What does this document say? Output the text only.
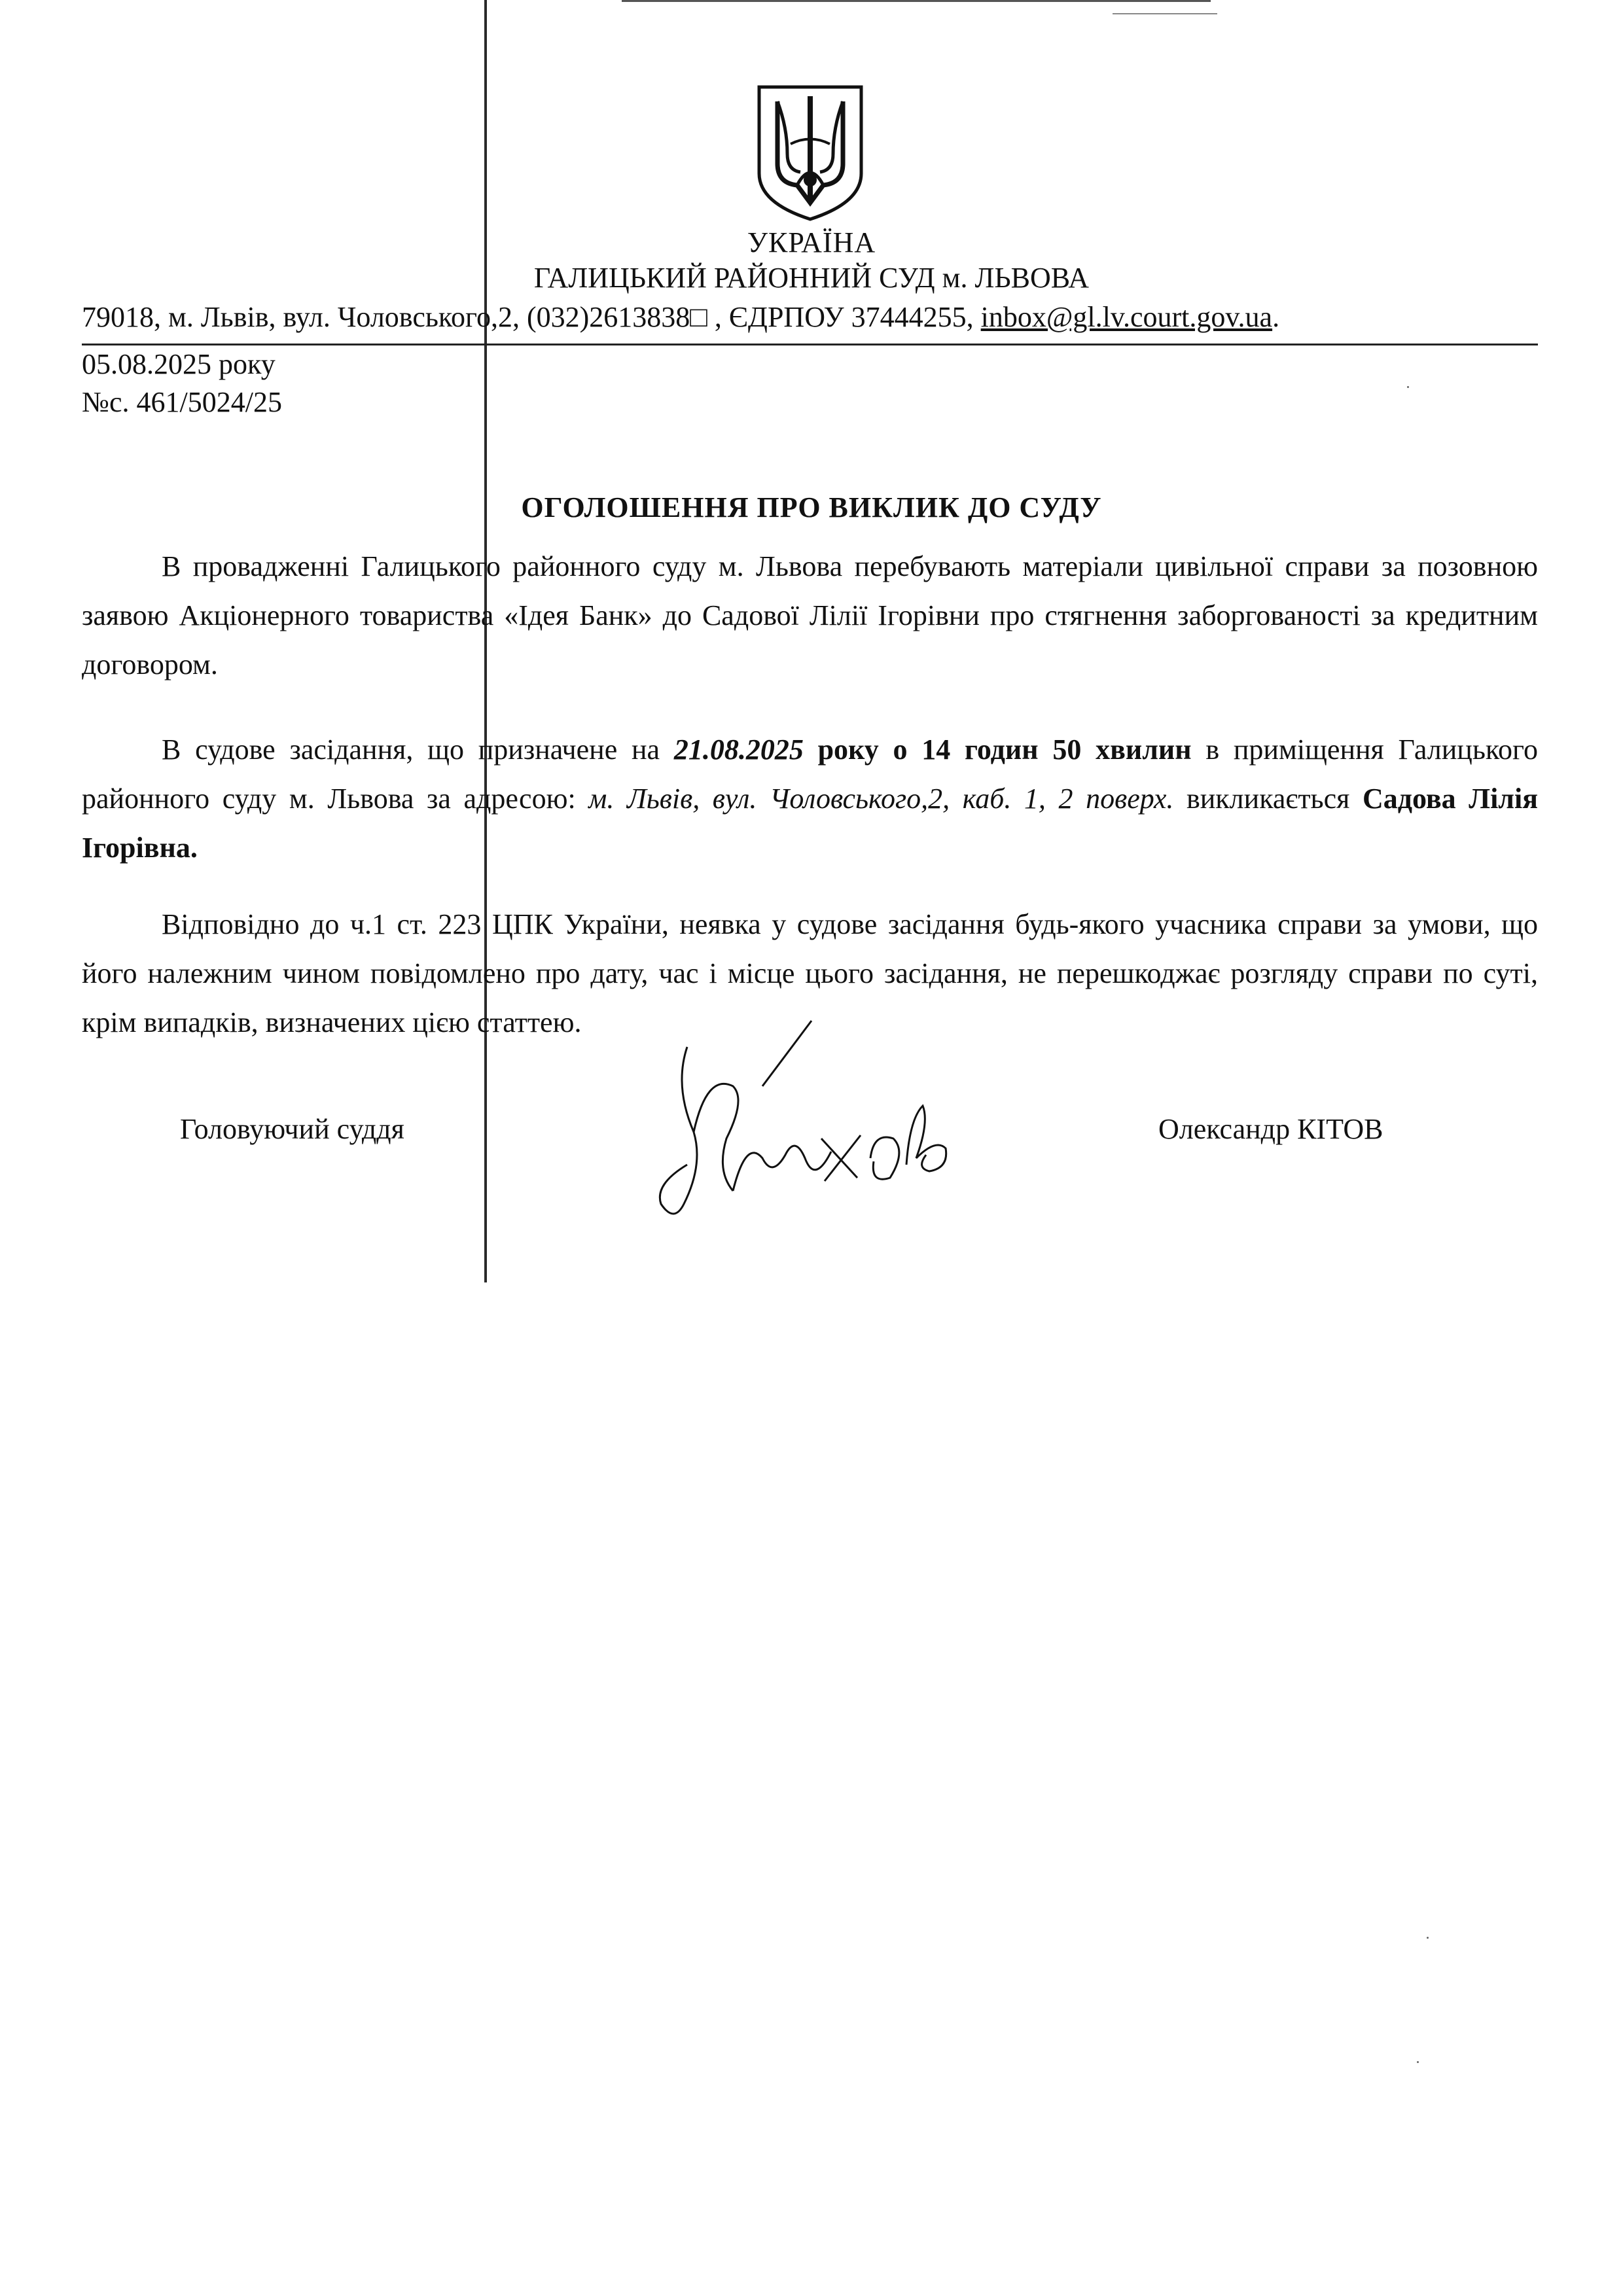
УКРАЇНА
ГАЛИЦЬКИЙ РАЙОННИЙ СУД м. ЛЬВОВА
79018, м. Львів, вул. Чоловського,2, (032)2613838□ , ЄДРПОУ 37444255, inbox@gl.lv.court.gov.ua.
05.08.2025 року
№с. 461/5024/25
ОГОЛОШЕННЯ ПРО ВИКЛИК ДО СУДУ

В провадженні Галицького районного суду м. Львова перебувають матеріали цивільної справи за позовною заявою Акціонерного товариства «Ідея Банк» до Садової Лілії Ігорівни про стягнення заборгованості за кредитним договором.

В судове засідання, що призначене на 21.08.2025 року о 14 годин 50 хвилин в приміщення Галицького районного суду м. Львова за адресою: м. Львів, вул. Чоловського,2, каб. 1, 2 поверх. викликається Садова Лілія Ігорівна.

Відповідно до ч.1 ст. 223 ЦПК України, неявка у судове засідання будь-якого учасника справи за умови, що його належним чином повідомлено про дату, час і місце цього засідання, не перешкоджає розгляду справи по суті, крім випадків, визначених цією статтею.

Головуючий суддя	Олександр КІТОВ
